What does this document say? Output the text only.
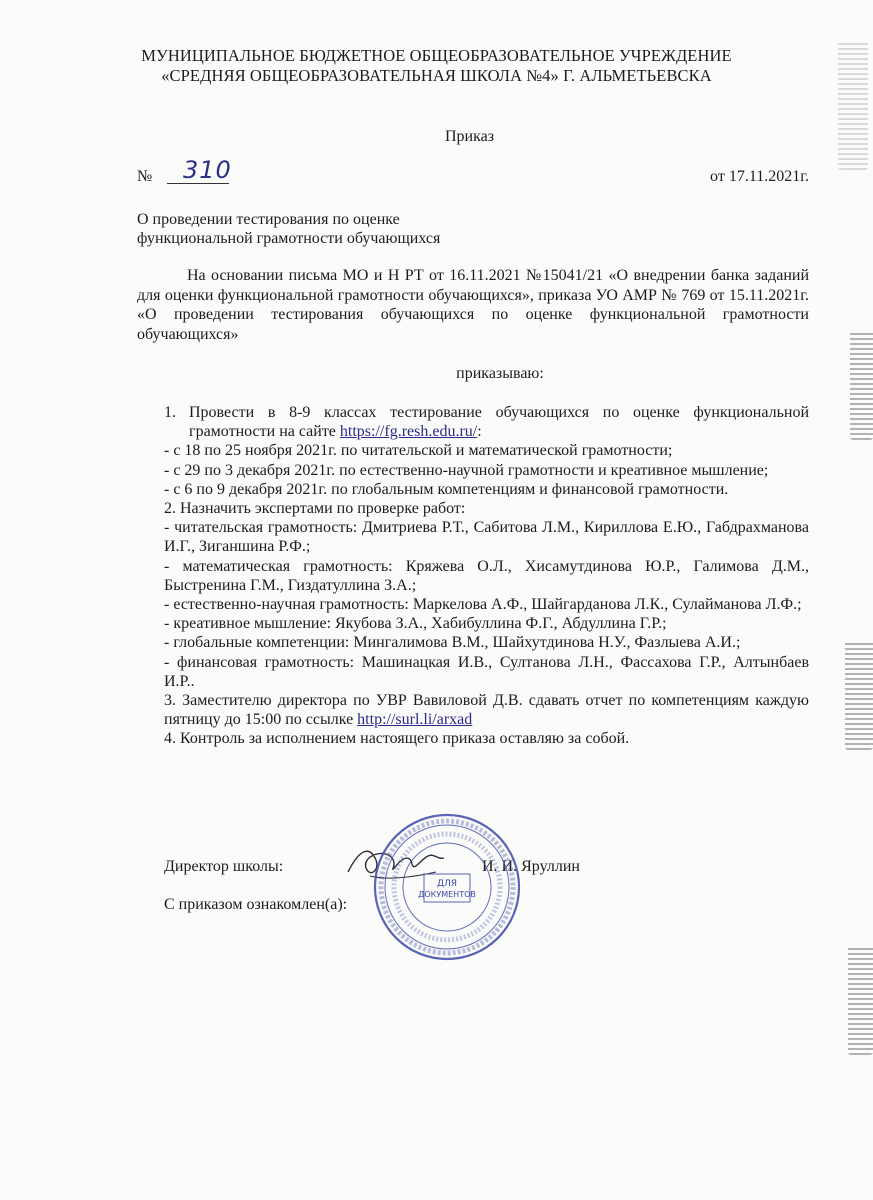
МУНИЦИПАЛЬНОЕ БЮДЖЕТНОЕ ОБЩЕОБРАЗОВАТЕЛЬНОЕ УЧРЕЖДЕНИЕ
«СРЕДНЯЯ ОБЩЕОБРАЗОВАТЕЛЬНАЯ ШКОЛА №4» Г. АЛЬМЕТЬЕВСКА
Приказ
№ 310	от 17.11.2021г.
О проведении тестирования по оценке
функциональной грамотности обучающихся
На основании письма МО и Н РТ от 16.11.2021 №15041/21 «О внедрении банка заданий для оценки функциональной грамотности обучающихся», приказа УО АМР № 769 от 15.11.2021г. «О проведении тестирования обучающихся по оценке функциональной грамотности обучающихся»
приказываю:
1. Провести в 8-9 классах тестирование обучающихся по оценке функциональной грамотности на сайте https://fg.resh.edu.ru/:
- с 18 по 25 ноября 2021г. по читательской и математической грамотности;
- с 29 по 3 декабря 2021г. по естественно-научной грамотности и креативное мышление;
- с 6 по 9 декабря 2021г. по глобальным компетенциям и финансовой грамотности.
2. Назначить экспертами по проверке работ:
- читательская грамотность: Дмитриева Р.Т., Сабитова Л.М., Кириллова Е.Ю., Габдрахманова И.Г., Зиганшина Р.Ф.;
- математическая грамотность: Кряжева О.Л., Хисамутдинова Ю.Р., Галимова Д.М., Быстренина Г.М., Гиздатуллина З.А.;
- естественно-научная грамотность: Маркелова А.Ф., Шайгарданова Л.К., Сулайманова Л.Ф.;
- креативное мышление: Якубова З.А., Хабибуллина Ф.Г., Абдуллина Г.Р.;
- глобальные компетенции: Мингалимова В.М., Шайхутдинова Н.У., Фазлыева А.И.;
- финансовая грамотность: Машинацкая И.В., Султанова Л.Н., Фассахова Г.Р., Алтынбаев И.Р..
3. Заместителю директора по УВР Вавиловой Д.В. сдавать отчет по компетенциям каждую пятницу до 15:00 по ссылке http://surl.li/arxad
4. Контроль за исполнением настоящего приказа оставляю за собой.
Директор школы:	И. И. Яруллин
С приказом ознакомлен(а):
ДЛЯ
ДОКУМЕНТОВ
